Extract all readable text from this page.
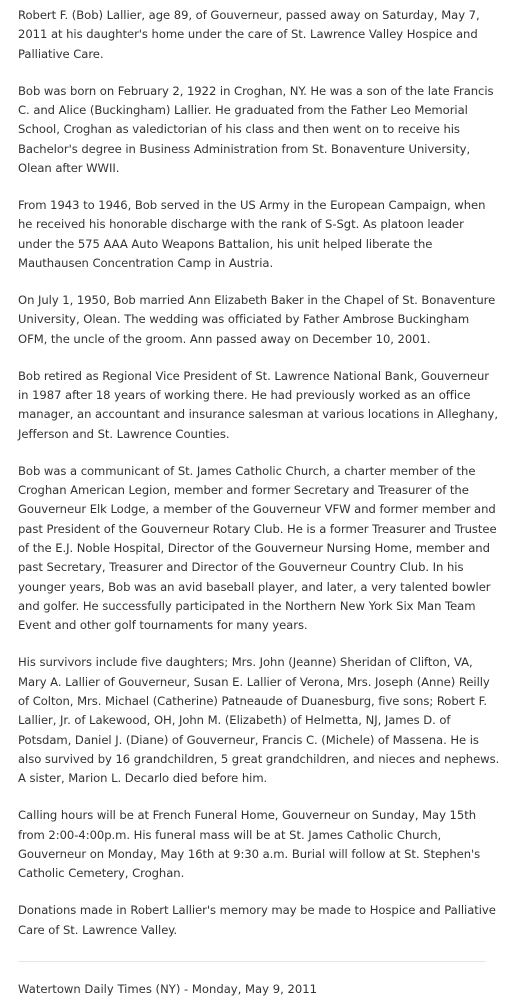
Robert F. (Bob) Lallier, age 89, of Gouverneur, passed away on Saturday, May 7, 2011 at his daughter's home under the care of St. Lawrence Valley Hospice and Palliative Care.

Bob was born on February 2, 1922 in Croghan, NY. He was a son of the late Francis C. and Alice (Buckingham) Lallier. He graduated from the Father Leo Memorial School, Croghan as valedictorian of his class and then went on to receive his Bachelor's degree in Business Administration from St. Bonaventure University, Olean after WWII.

From 1943 to 1946, Bob served in the US Army in the European Campaign, when he received his honorable discharge with the rank of S-Sgt. As platoon leader under the 575 AAA Auto Weapons Battalion, his unit helped liberate the Mauthausen Concentration Camp in Austria.

On July 1, 1950, Bob married Ann Elizabeth Baker in the Chapel of St. Bonaventure University, Olean. The wedding was officiated by Father Ambrose Buckingham OFM, the uncle of the groom. Ann passed away on December 10, 2001.

Bob retired as Regional Vice President of St. Lawrence National Bank, Gouverneur in 1987 after 18 years of working there. He had previously worked as an office manager, an accountant and insurance salesman at various locations in Alleghany, Jefferson and St. Lawrence Counties.

Bob was a communicant of St. James Catholic Church, a charter member of the Croghan American Legion, member and former Secretary and Treasurer of the Gouverneur Elk Lodge, a member of the Gouverneur VFW and former member and past President of the Gouverneur Rotary Club. He is a former Treasurer and Trustee of the E.J. Noble Hospital, Director of the Gouverneur Nursing Home, member and past Secretary, Treasurer and Director of the Gouverneur Country Club. In his younger years, Bob was an avid baseball player, and later, a very talented bowler and golfer. He successfully participated in the Northern New York Six Man Team Event and other golf tournaments for many years.

His survivors include five daughters; Mrs. John (Jeanne) Sheridan of Clifton, VA, Mary A. Lallier of Gouverneur, Susan E. Lallier of Verona, Mrs. Joseph (Anne) Reilly of Colton, Mrs. Michael (Catherine) Patneaude of Duanesburg, five sons; Robert F. Lallier, Jr. of Lakewood, OH, John M. (Elizabeth) of Helmetta, NJ, James D. of Potsdam, Daniel J. (Diane) of Gouverneur, Francis C. (Michele) of Massena. He is also survived by 16 grandchildren, 5 great grandchildren, and nieces and nephews. A sister, Marion L. Decarlo died before him.

Calling hours will be at French Funeral Home, Gouverneur on Sunday, May 15th from 2:00-4:00p.m. His funeral mass will be at St. James Catholic Church, Gouverneur on Monday, May 16th at 9:30 a.m. Burial will follow at St. Stephen's Catholic Cemetery, Croghan.

Donations made in Robert Lallier's memory may be made to Hospice and Palliative Care of St. Lawrence Valley.

Watertown Daily Times (NY) - Monday, May 9, 2011
